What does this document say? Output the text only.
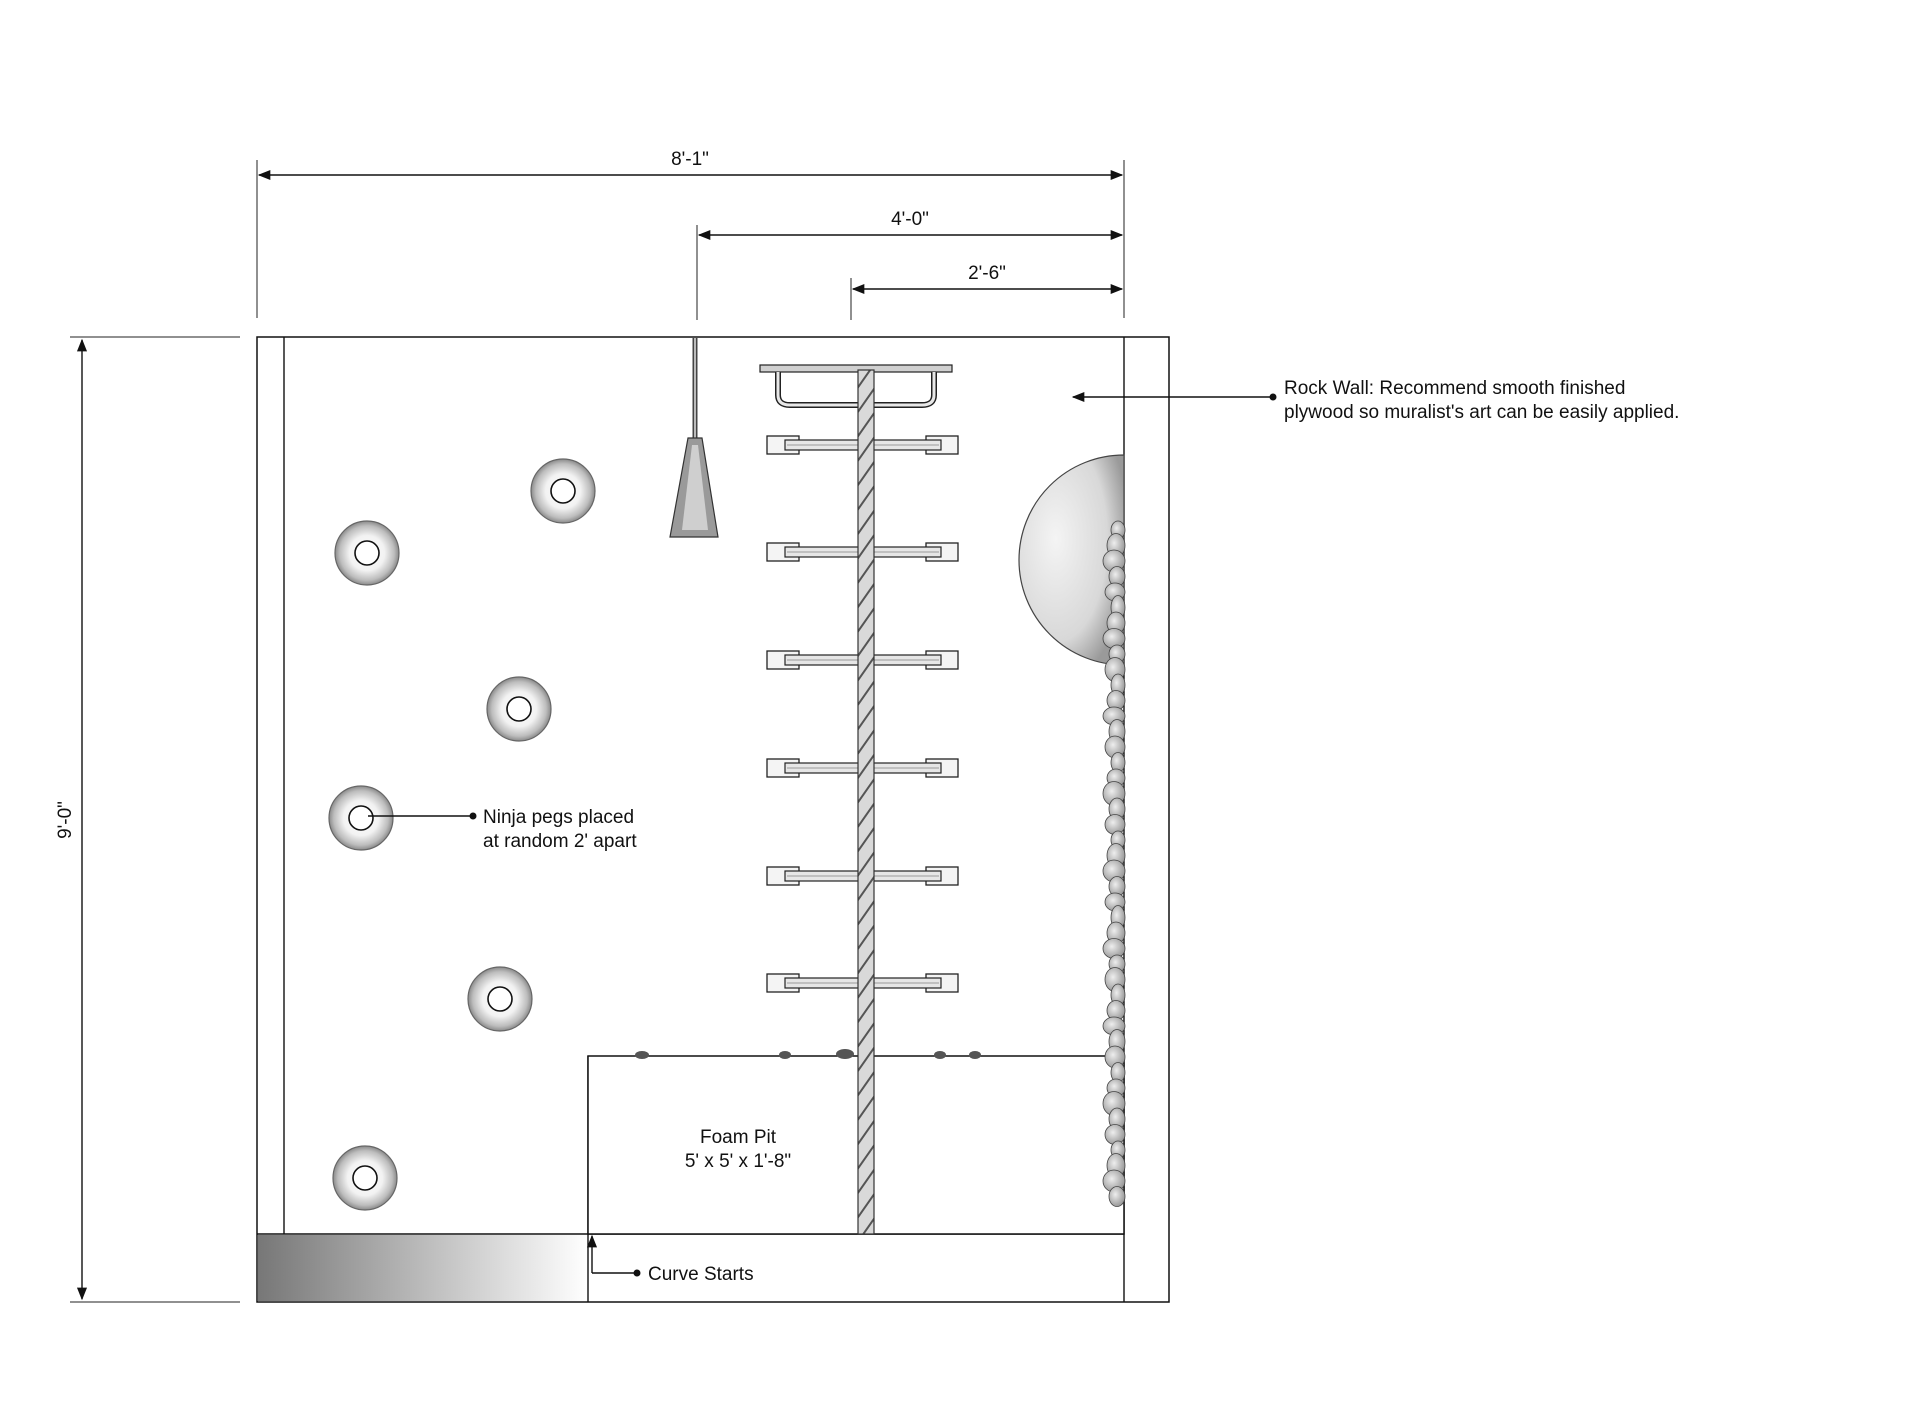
8'-1"
4'-0"
2'-6"
9'-0"
Foam Pit
5' x 5' x 1'-8"
Rock Wall: Recommend smooth finished
plywood so muralist's art can be easily applied.
Ninja pegs placed
at random 2' apart
Curve Starts
